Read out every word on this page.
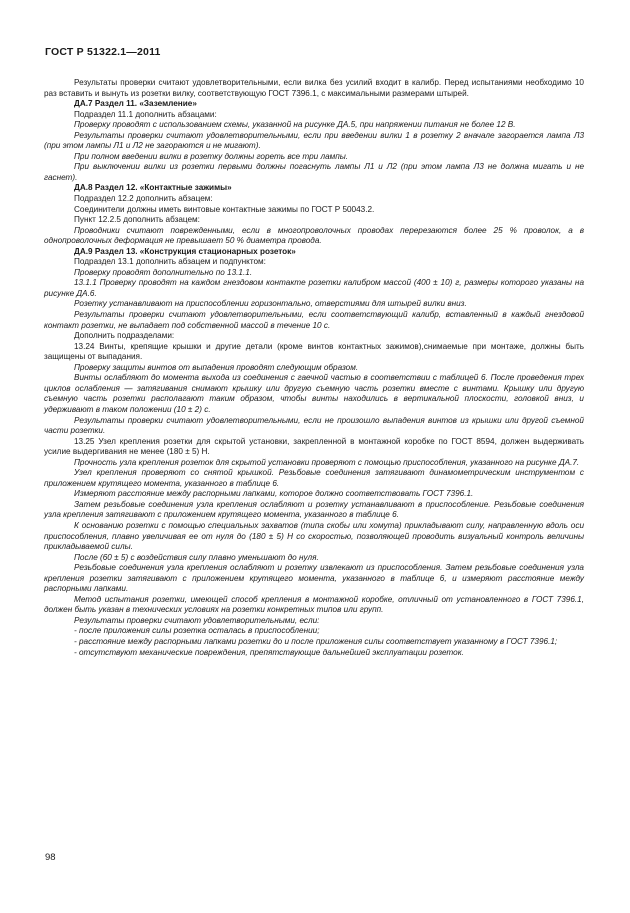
ГОСТ Р 51322.1—2011

Результаты проверки считают удовлетворительными, если вилка без усилий входит в калибр. Перед испытаниями необходимо 10 раз вставить и вынуть из розетки вилку, соответствующую ГОСТ 7396.1, с максимальными размерами штырей.

ДА.7 Раздел 11. «Заземление»

Подраздел 11.1 дополнить абзацами:

Проверку проводят с использованием схемы, указанной на рисунке ДА.5, при напряжении питания не более 12 В.

Результаты проверки считают удовлетворительными, если при введении вилки 1 в розетку 2 вначале загорается лампа Л3 (при этом лампы Л1 и Л2 не загораются и не мигают).

При полном введении вилки в розетку должны гореть все три лампы.

При выключении вилки из розетки первыми должны погаснуть лампы Л1 и Л2 (при этом лампа Л3 не должна мигать и не гаснет).

ДА.8 Раздел 12. «Контактные зажимы»

Подраздел 12.2 дополнить абзацем:

Соединители должны иметь винтовые контактные зажимы по ГОСТ Р 50043.2.

Пункт 12.2.5 дополнить абзацем:

Проводники считают поврежденными, если в многопроволочных проводах перерезаются более 25 % проволок, а в однопроволочных деформация не превышает 50 % диаметра провода.

ДА.9 Раздел 13. «Конструкция стационарных розеток»

Подраздел 13.1 дополнить абзацем и подпунктом:

Проверку проводят дополнительно по 13.1.1.

13.1.1 Проверку проводят на каждом гнездовом контакте розетки калибром массой (400 ± 10) г, размеры которого указаны на рисунке ДА.6.

Розетку устанавливают на приспособлении горизонтально, отверстиями для штырей вилки вниз.

Результаты проверки считают удовлетворительными, если соответствующий калибр, вставленный в каждый гнездовой контакт розетки, не выпадает под собственной массой в течение 10 с.

Дополнить подразделами:

13.24 Винты, крепящие крышки и другие детали (кроме винтов контактных зажимов),снимаемые при монтаже, должны быть защищены от выпадания.

Проверку защиты винтов от выпадения проводят следующим образом.

Винты ослабляют до момента выхода из соединения с гаечной частью в соответствии с таблицей 6. После проведения трех циклов ослабления — затягивания снимают крышку или другую съемную часть розетки вместе с винтами. Крышку или другую съемную часть розетки располагают таким образом, чтобы винты находились в вертикальной плоскости, головкой вниз, и удерживают в таком положении (10 ± 2) с.

Результаты проверки считают удовлетворительными, если не произошло выпадения винтов из крышки или другой съемной части розетки.

13.25 Узел крепления розетки для скрытой установки, закрепленной в монтажной коробке по ГОСТ 8594, должен выдерживать усилие выдергивания не менее (180 ± 5) Н.

Прочность узла крепления розеток для скрытой установки проверяют с помощью приспособления, указанного на рисунке ДА.7.

Узел крепления проверяют со снятой крышкой. Резьбовые соединения затягивают динамометрическим инструментом с приложением крутящего момента, указанного в таблице 6.

Измеряют расстояние между распорными лапками, которое должно соответствовать ГОСТ 7396.1.

Затем резьбовые соединения узла крепления ослабляют и розетку устанавливают в приспособление. Резьбовые соединения узла крепления затягивают с приложением крутящего момента, указанного в таблице 6.

К основанию розетки с помощью специальных захватов (типа скобы или хомута) прикладывают силу, направленную вдоль оси приспособления, плавно увеличивая ее от нуля до (180 ± 5) Н со скоростью, позволяющей проводить визуальный контроль величины прикладываемой силы.

После (60 ± 5) с воздействия силу плавно уменьшают до нуля.

Резьбовые соединения узла крепления ослабляют и розетку извлекают из приспособления. Затем резьбовые соединения узла крепления розетки затягивают с приложением крутящего момента, указанного в таблице 6, и измеряют расстояние между распорными лапками.

Метод испытания розетки, имеющей способ крепления в монтажной коробке, отличный от установленного в ГОСТ 7396.1, должен быть указан в технических условиях на розетки конкретных типов или групп.

Результаты проверки считают удовлетворительными, если:

- после приложения силы розетка осталась в приспособлении;

- расстояние между распорными лапками розетки до и после приложения силы соответствует указанному в ГОСТ 7396.1;

- отсутствуют механические повреждения, препятствующие дальнейшей эксплуатации розеток.

98
